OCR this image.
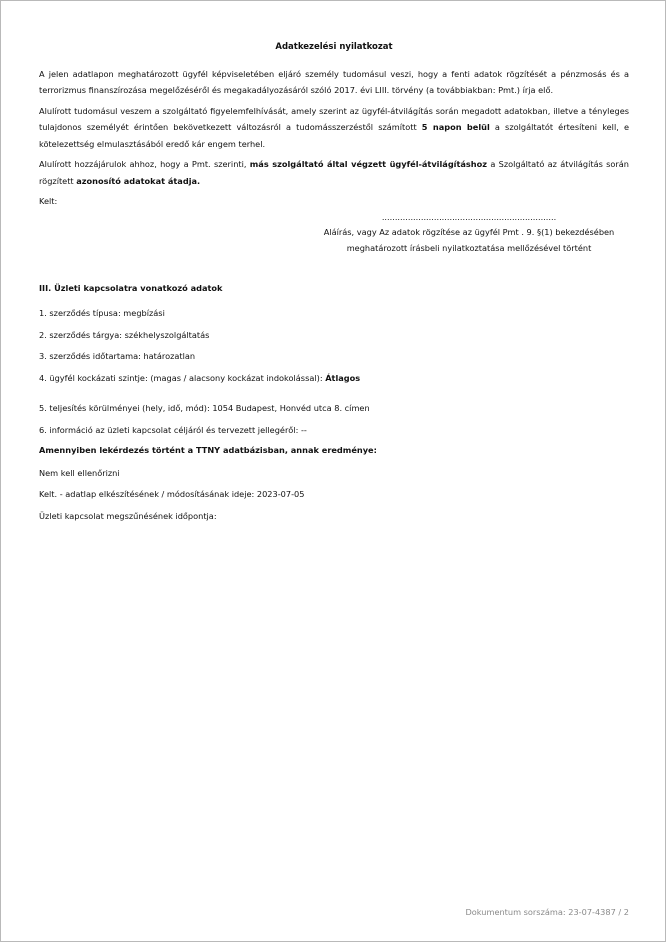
Adatkezelési nyilatkozat

A jelen adatlapon meghatározott ügyfél képviseletében eljáró személy tudomásul veszi, hogy a fenti adatok rögzítését a pénzmosás és a terrorizmus finanszírozása megelőzéséről és megakadályozásáról szóló 2017. évi LIII. törvény (a továbbiakban: Pmt.) írja elő.

Alulírott tudomásul veszem a szolgáltató figyelemfelhívását, amely szerint az ügyfél-átvilágítás során megadott adatokban, illetve a tényleges tulajdonos személyét érintően bekövetkezett változásról a tudomásszerzéstől számított 5 napon belül a szolgáltatót értesíteni kell, e kötelezettség elmulasztásából eredő kár engem terhel.

Alulírott hozzájárulok ahhoz, hogy a Pmt. szerinti, más szolgáltató által végzett ügyfél-átvilágításhoz a Szolgáltató az átvilágítás során rögzített azonosító adatokat átadja.

Kelt:

...................................................................
Aláírás, vagy Az adatok rögzítése az ügyfél Pmt . 9. §(1) bekezdésében
meghatározott írásbeli nyilatkoztatása mellőzésével történt

III. Üzleti kapcsolatra vonatkozó adatok

1. szerződés típusa: megbízási

2. szerződés tárgya: székhelyszolgáltatás

3. szerződés időtartama: határozatlan

4. ügyfél kockázati szintje: (magas / alacsony kockázat indokolással): Átlagos

5. teljesítés körülményei (hely, idő, mód): 1054 Budapest, Honvéd utca 8. címen

6. információ az üzleti kapcsolat céljáról és tervezett jellegéről: --

Amennyiben lekérdezés történt a TTNY adatbázisban, annak eredménye:

Nem kell ellenőrizni

Kelt. - adatlap elkészítésének / módosításának ideje: 2023-07-05

Üzleti kapcsolat megszűnésének időpontja:

Dokumentum sorszáma: 23-07-4387 / 2
